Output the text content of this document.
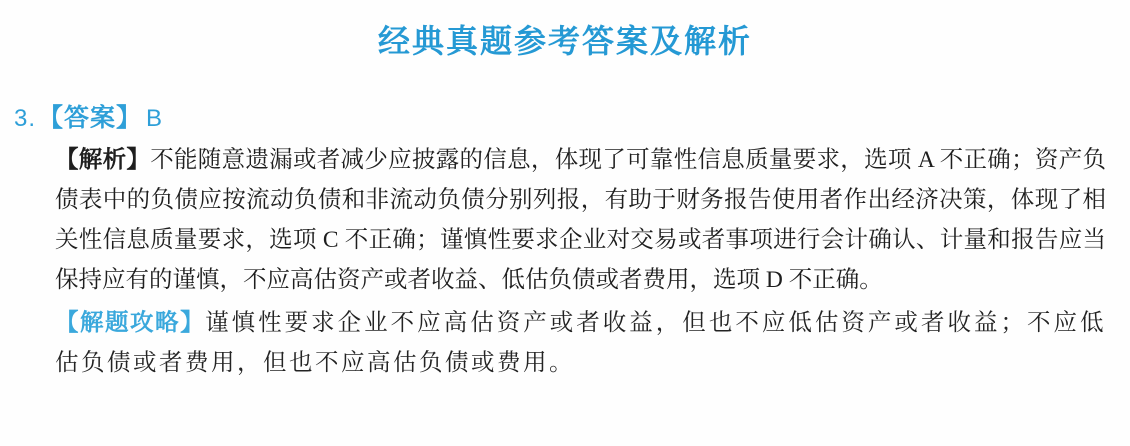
经典真题参考答案及解析
3.【答案】 B

【解析】不能随意遗漏或者减少应披露的信息，体现了可靠性信息质量要求，选项 A 不正确；资产负债表中的负债应按流动负债和非流动负债分别列报，有助于财务报告使用者作出经济决策，体现了相关性信息质量要求，选项 C 不正确；谨慎性要求企业对交易或者事项进行会计确认、计量和报告应当保持应有的谨慎，不应高估资产或者收益、低估负债或者费用，选项 D 不正确。

【解题攻略】谨慎性要求企业不应高估资产或者收益，但也不应低估资产或者收益；不应低估负债或者费用，但也不应高估负债或费用。
